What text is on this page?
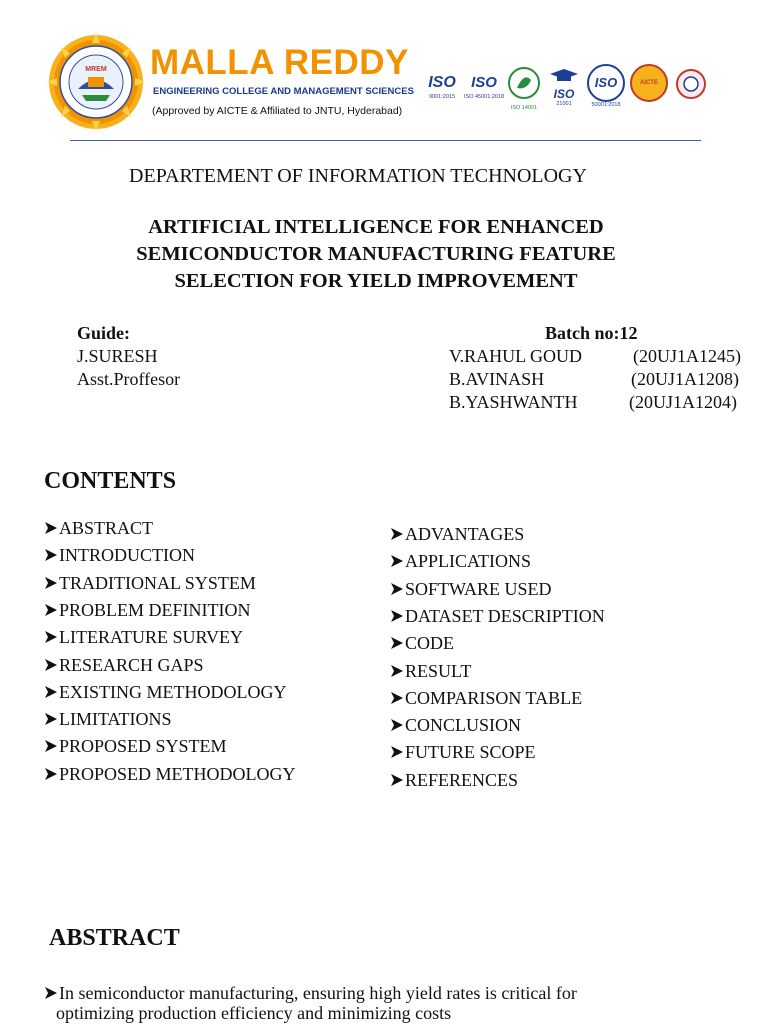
MREM MALLA REDDY
ENGINEERING COLLEGE AND MANAGEMENT SCIENCES
(Approved by AICTE & Affiliated to JNTU, Hyderabad)
ISO
9001:2015
ISO
ISO 45001:2018
ISO 14001
ISO
21001
ISO
50001:2018
AICTE
DEPARTEMENT OF INFORMATION TECHNOLOGY
ARTIFICIAL INTELLIGENCE FOR ENHANCED
SEMICONDUCTOR MANUFACTURING FEATURE
SELECTION FOR YIELD IMPROVEMENT
Guide:
J.SURESH
Asst.Proffesor
Batch no:12
V.RAHUL GOUD	(20UJ1A1245)
B.AVINASH	(20UJ1A1208)
B.YASHWANTH	(20UJ1A1204)
CONTENTS
ABSTRACT
INTRODUCTION
TRADITIONAL SYSTEM
PROBLEM DEFINITION
LITERATURE SURVEY
RESEARCH GAPS
EXISTING METHODOLOGY
LIMITATIONS
PROPOSED SYSTEM
PROPOSED METHODOLOGY
ADVANTAGES
APPLICATIONS
SOFTWARE USED
DATASET DESCRIPTION
CODE
RESULT
COMPARISON TABLE
CONCLUSION
FUTURE SCOPE
REFERENCES
ABSTRACT
In semiconductor manufacturing, ensuring high yield rates is critical for
optimizing production efficiency and minimizing costs
